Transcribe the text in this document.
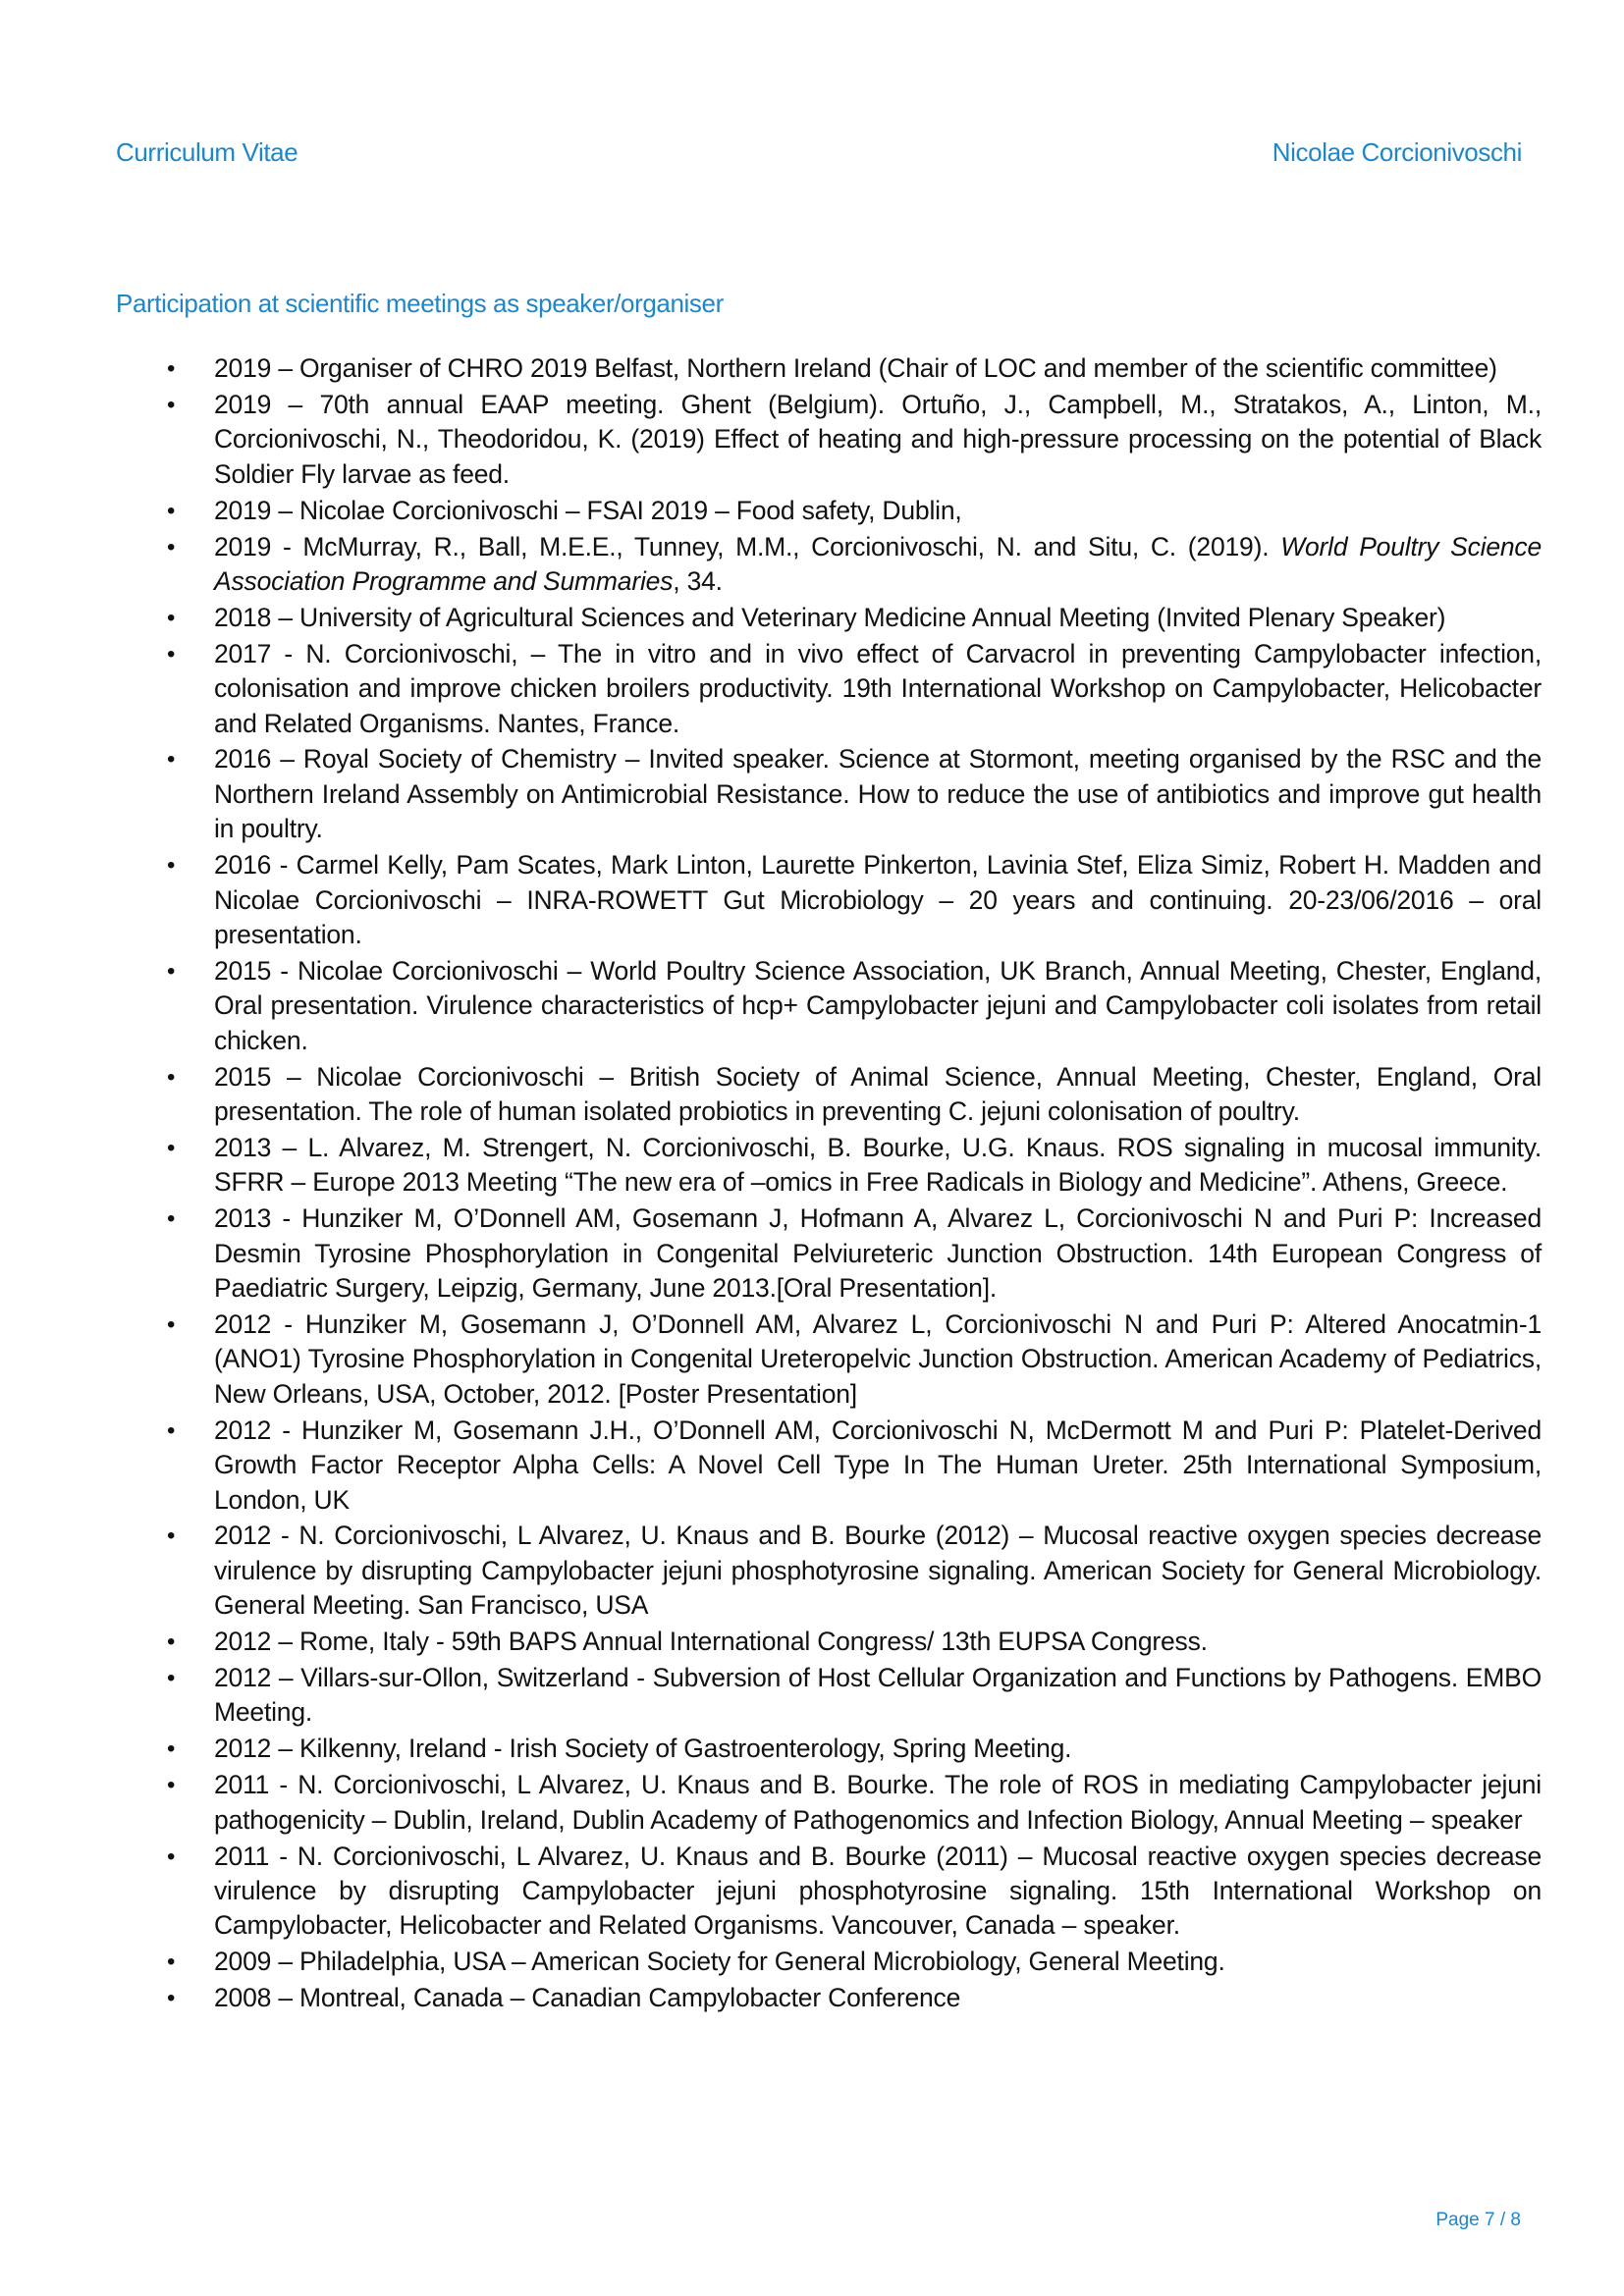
Curriculum Vitae	Nicolae Corcionivoschi
Participation at scientific meetings as speaker/organiser
• 2019 – Organiser of CHRO 2019 Belfast, Northern Ireland (Chair of LOC and member of the scientific committee)
• 2019 – 70th annual EAAP meeting. Ghent (Belgium). Ortuño, J., Campbell, M., Stratakos, A., Linton, M., Corcionivoschi, N., Theodoridou, K. (2019) Effect of heating and high-pressure processing on the potential of Black Soldier Fly larvae as feed.
• 2019 – Nicolae Corcionivoschi – FSAI 2019 – Food safety, Dublin,
• 2019 - McMurray, R., Ball, M.E.E., Tunney, M.M., Corcionivoschi, N. and Situ, C. (2019). World Poultry Science Association Programme and Summaries, 34.
• 2018 – University of Agricultural Sciences and Veterinary Medicine Annual Meeting (Invited Plenary Speaker)
• 2017 - N. Corcionivoschi, – The in vitro and in vivo effect of Carvacrol in preventing Campylobacter infection, colonisation and improve chicken broilers productivity. 19th International Workshop on Campylobacter, Helicobacter and Related Organisms. Nantes, France.
• 2016 – Royal Society of Chemistry – Invited speaker. Science at Stormont, meeting organised by the RSC and the Northern Ireland Assembly on Antimicrobial Resistance. How to reduce the use of antibiotics and improve gut health in poultry.
• 2016 - Carmel Kelly, Pam Scates, Mark Linton, Laurette Pinkerton, Lavinia Stef, Eliza Simiz, Robert H. Madden and Nicolae Corcionivoschi – INRA-ROWETT Gut Microbiology – 20 years and continuing. 20-23/06/2016 – oral presentation.
• 2015 - Nicolae Corcionivoschi – World Poultry Science Association, UK Branch, Annual Meeting, Chester, England, Oral presentation. Virulence characteristics of hcp+ Campylobacter jejuni and Campylobacter coli isolates from retail chicken.
• 2015 – Nicolae Corcionivoschi – British Society of Animal Science, Annual Meeting, Chester, England, Oral presentation. The role of human isolated probiotics in preventing C. jejuni colonisation of poultry.
• 2013 – L. Alvarez, M. Strengert, N. Corcionivoschi, B. Bourke, U.G. Knaus. ROS signaling in mucosal immunity. SFRR – Europe 2013 Meeting “The new era of –omics in Free Radicals in Biology and Medicine”. Athens, Greece.
• 2013 - Hunziker M, O’Donnell AM, Gosemann J, Hofmann A, Alvarez L, Corcionivoschi N and Puri P: Increased Desmin Tyrosine Phosphorylation in Congenital Pelviureteric Junction Obstruction. 14th European Congress of Paediatric Surgery, Leipzig, Germany, June 2013.[Oral Presentation].
• 2012 - Hunziker M, Gosemann J, O’Donnell AM, Alvarez L, Corcionivoschi N and Puri P: Altered Anocatmin-1 (ANO1) Tyrosine Phosphorylation in Congenital Ureteropelvic Junction Obstruction. American Academy of Pediatrics, New Orleans, USA, October, 2012. [Poster Presentation]
• 2012 - Hunziker M, Gosemann J.H., O’Donnell AM, Corcionivoschi N, McDermott M and Puri P: Platelet-Derived Growth Factor Receptor Alpha Cells: A Novel Cell Type In The Human Ureter. 25th International Symposium, London, UK
• 2012 - N. Corcionivoschi, L Alvarez, U. Knaus and B. Bourke (2012) – Mucosal reactive oxygen species decrease virulence by disrupting Campylobacter jejuni phosphotyrosine signaling. American Society for General Microbiology. General Meeting. San Francisco, USA
• 2012 – Rome, Italy - 59th BAPS Annual International Congress/ 13th EUPSA Congress.
• 2012 – Villars-sur-Ollon, Switzerland - Subversion of Host Cellular Organization and Functions by Pathogens. EMBO Meeting.
• 2012 – Kilkenny, Ireland - Irish Society of Gastroenterology, Spring Meeting.
• 2011 - N. Corcionivoschi, L Alvarez, U. Knaus and B. Bourke. The role of ROS in mediating Campylobacter jejuni pathogenicity – Dublin, Ireland, Dublin Academy of Pathogenomics and Infection Biology, Annual Meeting – speaker
• 2011 - N. Corcionivoschi, L Alvarez, U. Knaus and B. Bourke (2011) – Mucosal reactive oxygen species decrease virulence by disrupting Campylobacter jejuni phosphotyrosine signaling. 15th International Workshop on Campylobacter, Helicobacter and Related Organisms. Vancouver, Canada – speaker.
• 2009 – Philadelphia, USA – American Society for General Microbiology, General Meeting.
• 2008 – Montreal, Canada – Canadian Campylobacter Conference
Page 7 / 8
